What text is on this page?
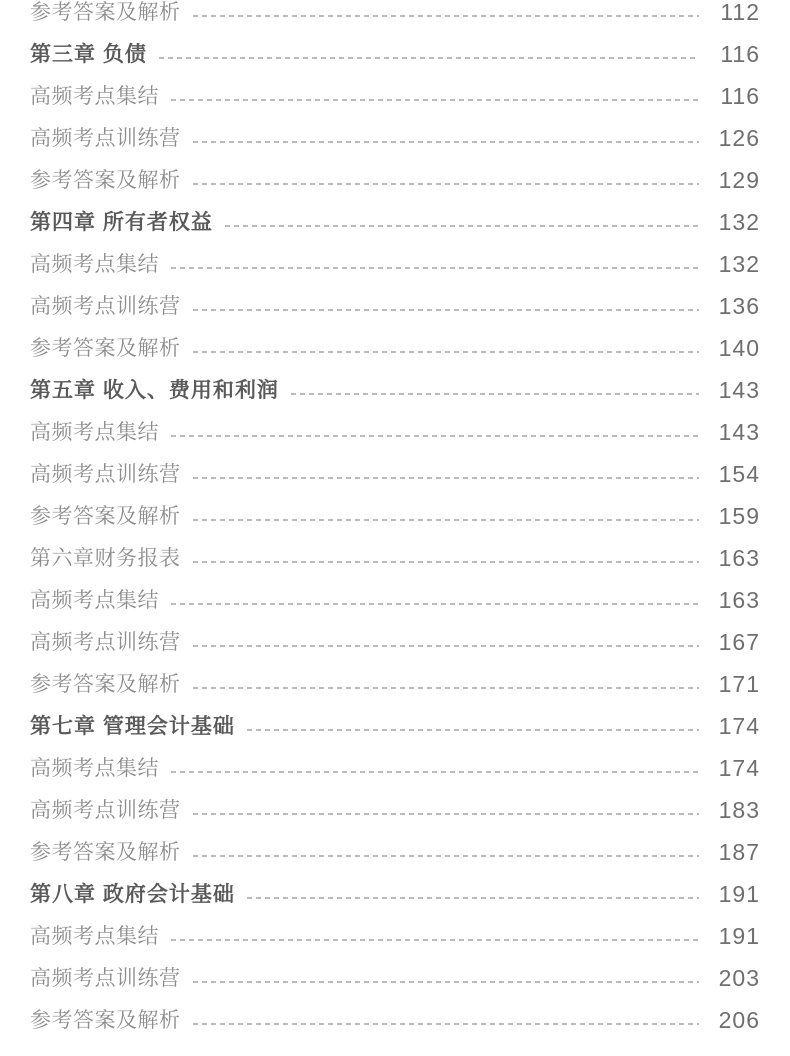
参考答案及解析	112
第三章 负债	116
高频考点集结	116
高频考点训练营	126
参考答案及解析	129
第四章 所有者权益	132
高频考点集结	132
高频考点训练营	136
参考答案及解析	140
第五章 收入、费用和利润	143
高频考点集结	143
高频考点训练营	154
参考答案及解析	159
第六章财务报表	163
高频考点集结	163
高频考点训练营	167
参考答案及解析	171
第七章 管理会计基础	174
高频考点集结	174
高频考点训练营	183
参考答案及解析	187
第八章 政府会计基础	191
高频考点集结	191
高频考点训练营	203
参考答案及解析	206
